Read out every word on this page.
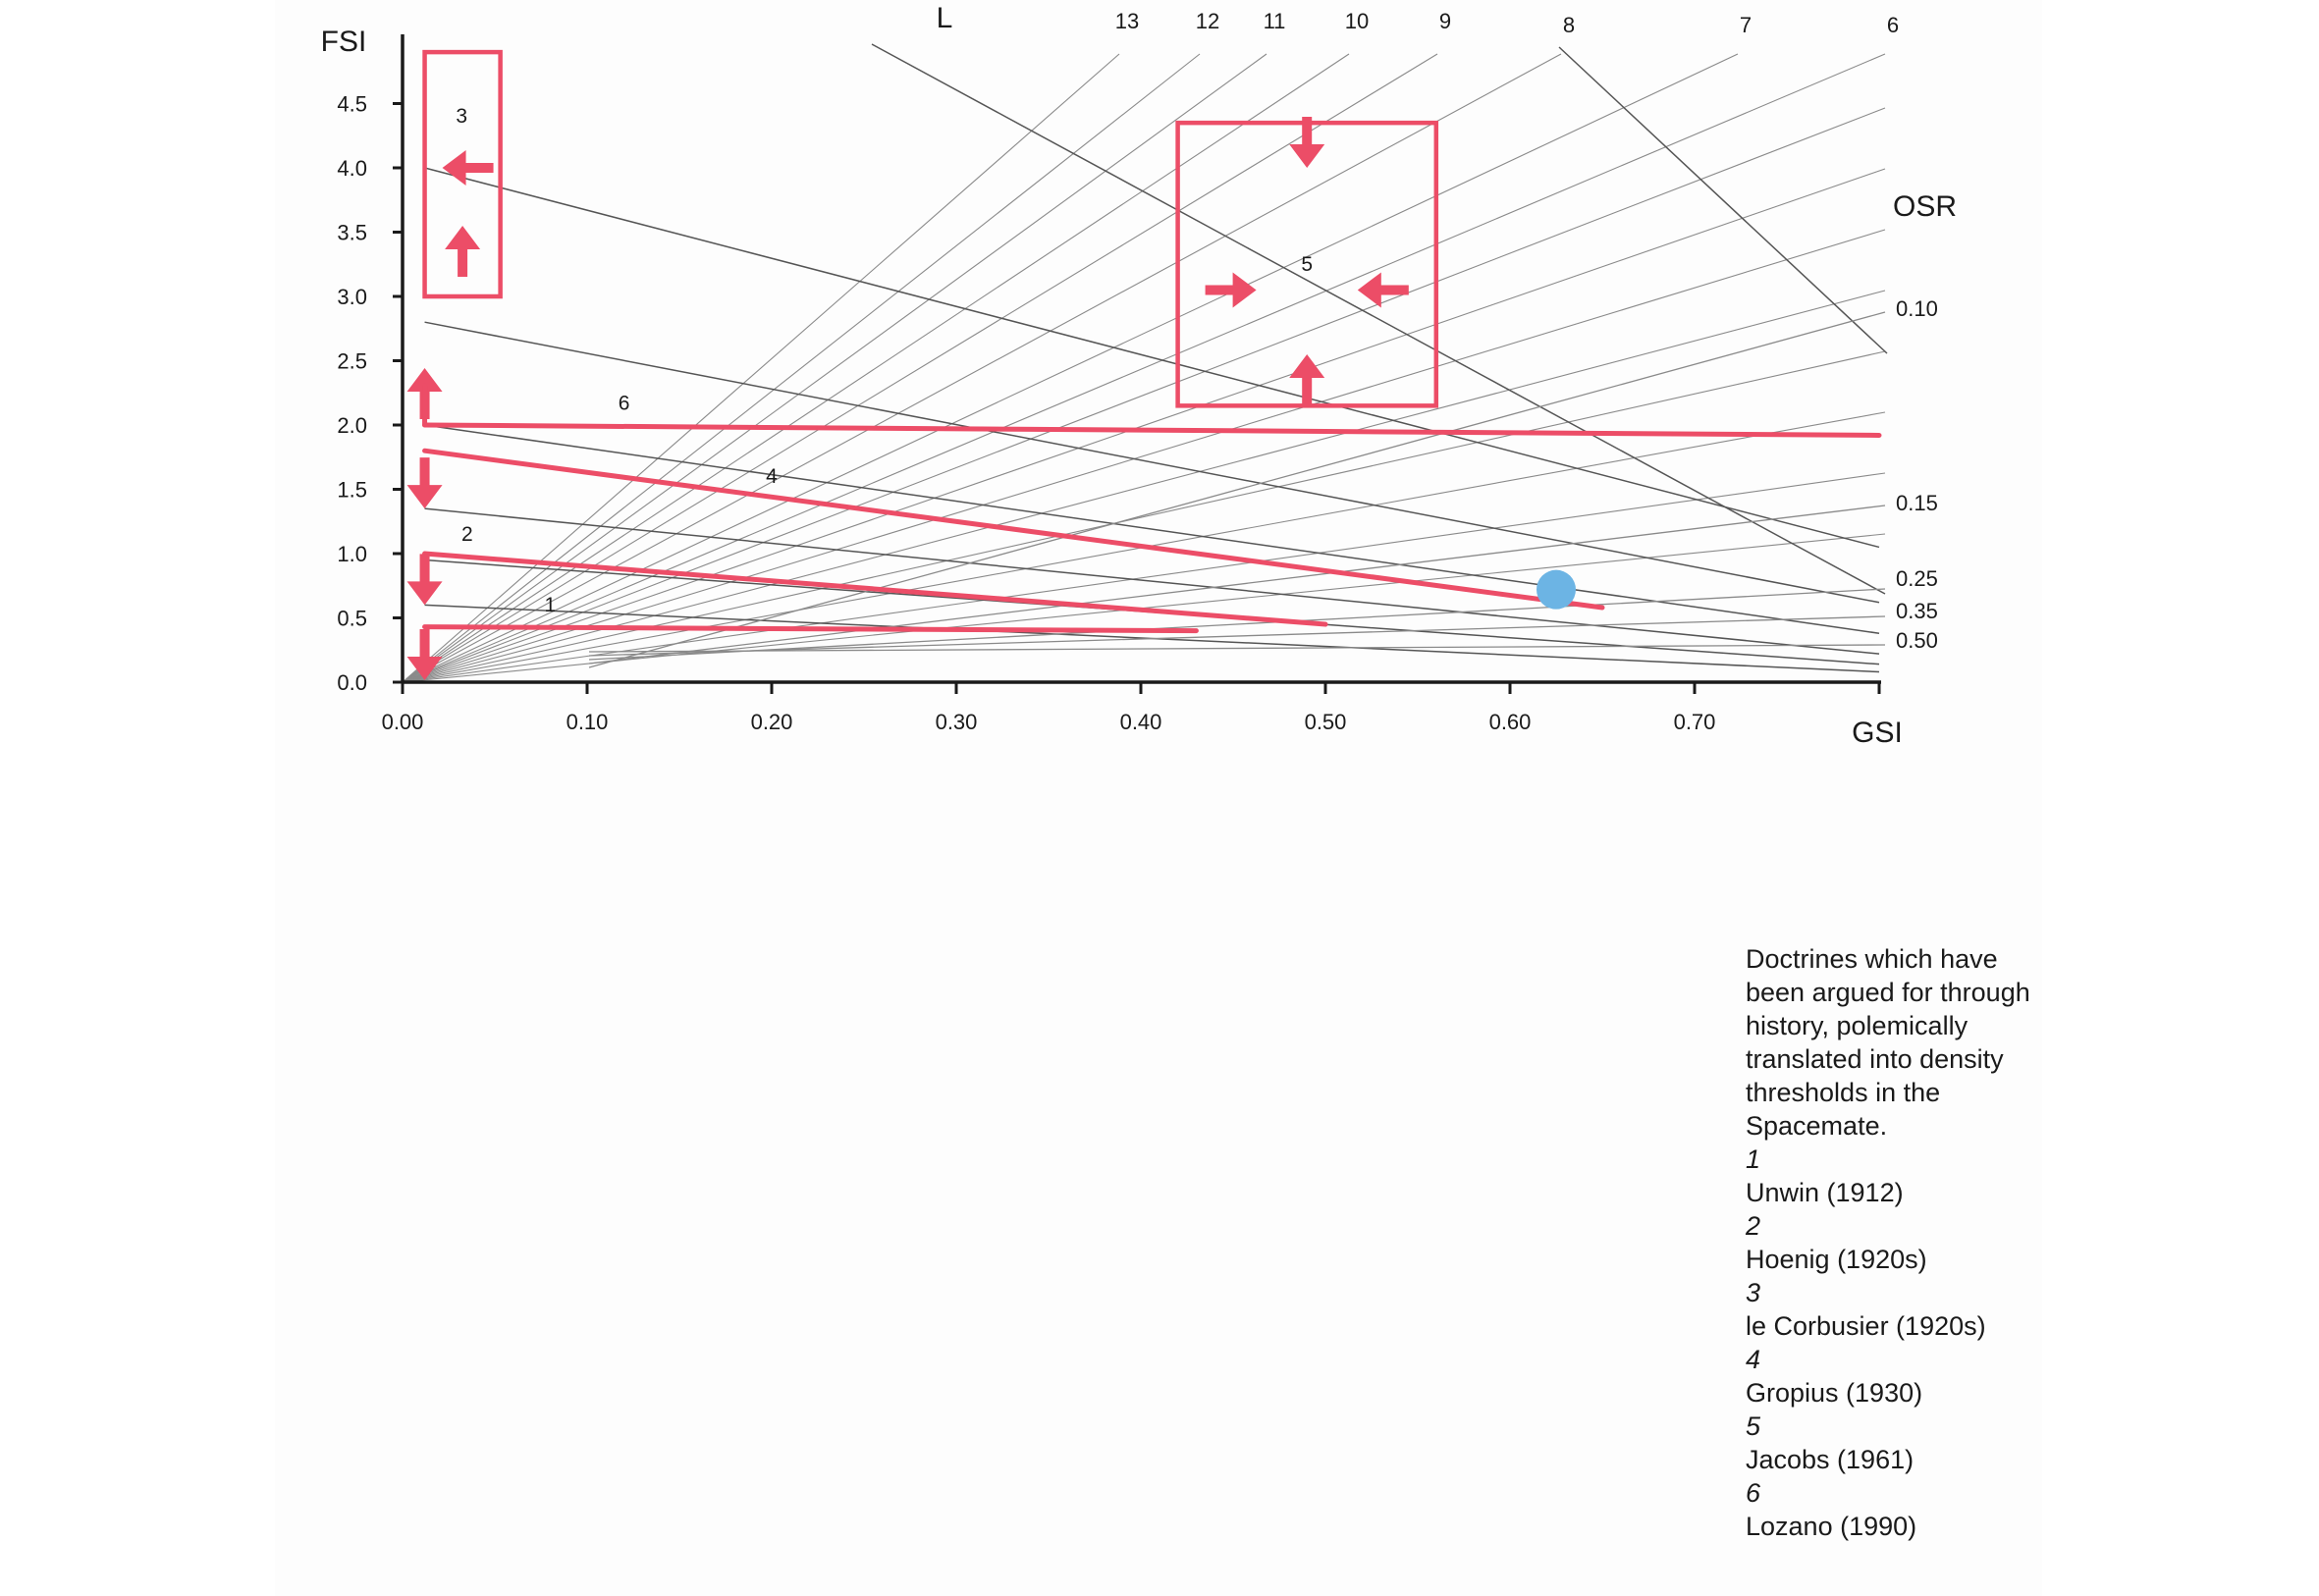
0.0
0.5
1.0
1.5
2.0
2.5
3.0
3.5
4.0
4.5
0.00	0.10	0.20	0.30	0.40	0.50	0.60	0.70
FSI
GSI
13	12 11	10	9	8	7	6
L
0.10
0.15
0.25
0.35
0.50
OSR
1
2
3
4
5
6

Doctrines which have been argued for through history, polemically translated into density thresholds in the Spacemate.

1
Unwin (1912)
2
Hoenig (1920s)
3
le Corbusier (1920s)
4
Gropius (1930)
5
Jacobs (1961)
6
Lozano (1990)
